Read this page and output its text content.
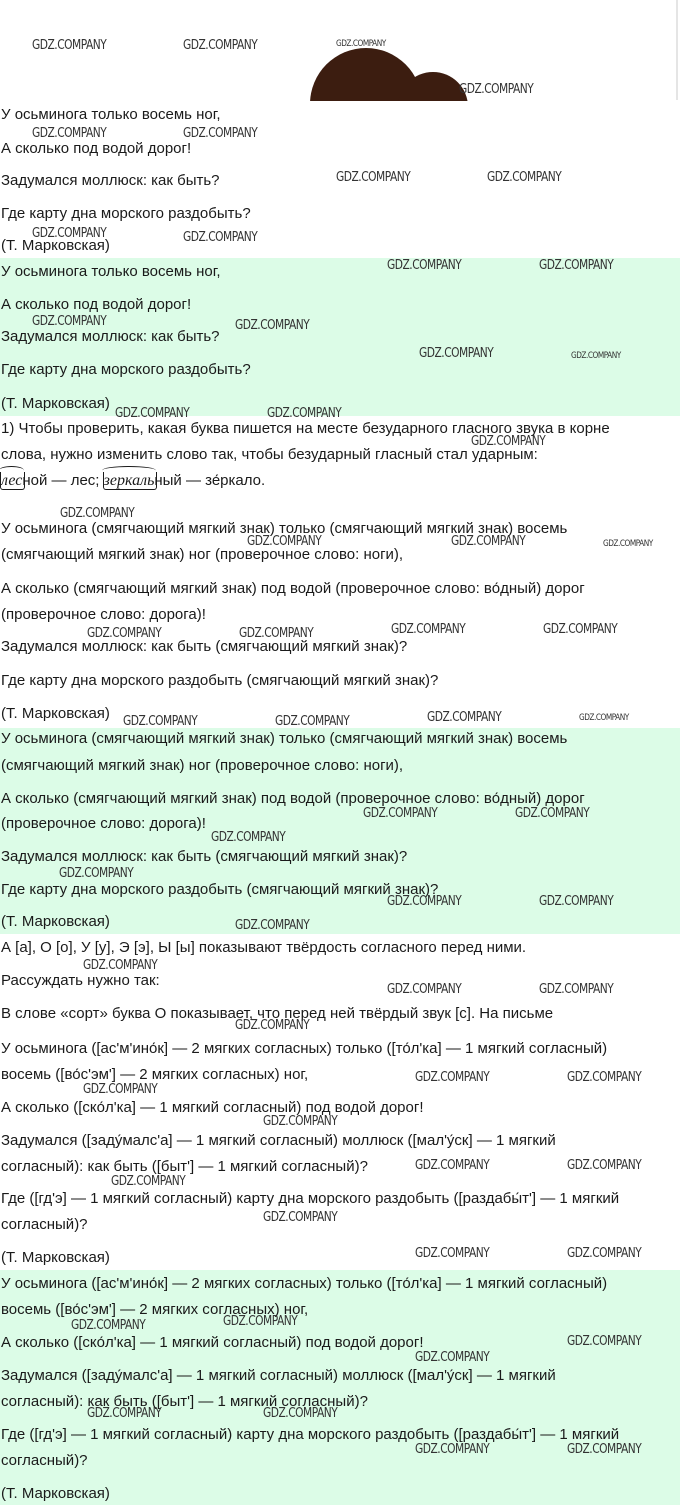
У осьминога только восемь ног,
А сколько под водой дорог!
Задумался моллюск: как быть?
Где карту дна морского раздобыть?
(Т. Марковская)
У осьминога только восемь ног,
А сколько под водой дорог!
Задумался моллюск: как быть?
Где карту дна морского раздобыть?
(Т. Марковская)
1) Чтобы проверить, какая буква пишется на месте безударного гласного звука в корне
слова, нужно изменить слово так, чтобы безударный гласный стал ударным:
лесной — лес; зеркальный — зе́ркало.
У осьминога (смягчающий мягкий знак) только (смягчающий мягкий знак) восемь
(смягчающий мягкий знак) ног (проверочное слово: ноги),
А сколько (смягчающий мягкий знак) под водой (проверочное слово: во́дный) дорог
(проверочное слово: дорога)!
Задумался моллюск: как быть (смягчающий мягкий знак)?
Где карту дна морского раздобыть (смягчающий мягкий знак)?
(Т. Марковская)
У осьминога (смягчающий мягкий знак) только (смягчающий мягкий знак) восемь
(смягчающий мягкий знак) ног (проверочное слово: ноги),
А сколько (смягчающий мягкий знак) под водой (проверочное слово: во́дный) дорог
(проверочное слово: дорога)!
Задумался моллюск: как быть (смягчающий мягкий знак)?
Где карту дна морского раздобыть (смягчающий мягкий знак)?
(Т. Марковская)
А [а], О [о], У [у], Э [э], Ы [ы] показывают твёрдость согласного перед ними.
Рассуждать нужно так:
В слове «сорт» буква О показывает, что перед ней твёрдый звук [с]. На письме
У осьминога ([ас'м'ино́к] — 2 мягких согласных) только ([то́л'ка] — 1 мягкий согласный)
восемь ([во́с'эм'] — 2 мягких согласных) ног,
А сколько ([ско́л'ка] — 1 мягкий согласный) под водой дорог!
Задумался ([заду́малс'а] — 1 мягкий согласный) моллюск ([мал'у́ск] — 1 мягкий
согласный): как быть ([быт'] — 1 мягкий согласный)?
Где ([гд'э] — 1 мягкий согласный) карту дна морского раздобыть ([раздабы́т'] — 1 мягкий
согласный)?
(Т. Марковская)
У осьминога ([ас'м'ино́к] — 2 мягких согласных) только ([то́л'ка] — 1 мягкий согласный)
восемь ([во́с'эм'] — 2 мягких согласных) ног,
А сколько ([ско́л'ка] — 1 мягкий согласный) под водой дорог!
Задумался ([заду́малс'а] — 1 мягкий согласный) моллюск ([мал'у́ск] — 1 мягкий
согласный): как быть ([быт'] — 1 мягкий согласный)?
Где ([гд'э] — 1 мягкий согласный) карту дна морского раздобыть ([раздабы́т'] — 1 мягкий
согласный)?
(Т. Марковская)
GDZ.COMPANY	GDZ.COMPANY	GDZ.COMPANY
GDZ.COMPANY
GDZ.COMPANY	GDZ.COMPANY
GDZ.COMPANY	GDZ.COMPANY
GDZ.COMPANY	GDZ.COMPANY
GDZ.COMPANY	GDZ.COMPANY
GDZ.COMPANY	GDZ.COMPANY
GDZ.COMPANY	GDZ.COMPANY
GDZ.COMPANY	GDZ.COMPANY
GDZ.COMPANY
GDZ.COMPANY
GDZ.COMPANY	GDZ.COMPANY	GDZ.COMPANY
GDZ.COMPANY	GDZ.COMPANY	GDZ.COMPANY	GDZ.COMPANY
GDZ.COMPANY	GDZ.COMPANY	GDZ.COMPANY	GDZ.COMPANY
GDZ.COMPANY	GDZ.COMPANY
GDZ.COMPANY
GDZ.COMPANY
GDZ.COMPANY	GDZ.COMPANY
GDZ.COMPANY
GDZ.COMPANY
GDZ.COMPANY	GDZ.COMPANY
GDZ.COMPANY
GDZ.COMPANY	GDZ.COMPANY
GDZ.COMPANY
GDZ.COMPANY
GDZ.COMPANY	GDZ.COMPANY
GDZ.COMPANY
GDZ.COMPANY
GDZ.COMPANY	GDZ.COMPANY
GDZ.COMPANY	GDZ.COMPANY
GDZ.COMPANY
GDZ.COMPANY
GDZ.COMPANY	GDZ.COMPANY
GDZ.COMPANY	GDZ.COMPANY
